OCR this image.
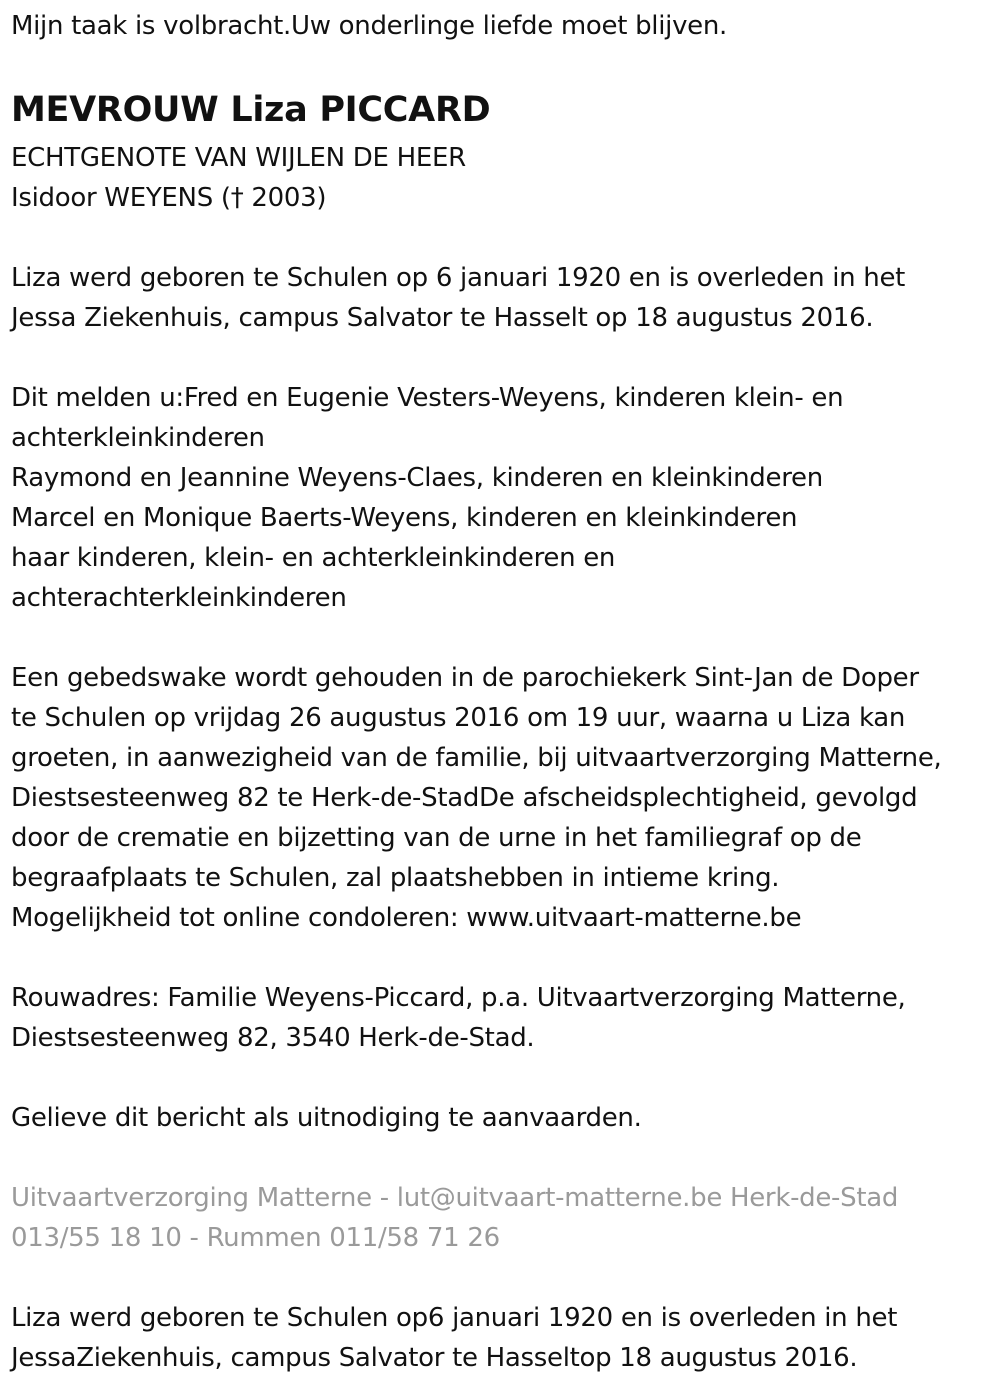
Mijn taak is volbracht.Uw onderlinge liefde moet blijven.
MEVROUW Liza PICCARD
ECHTGENOTE VAN WIJLEN DE HEER
Isidoor WEYENS († 2003)
Liza werd geboren te Schulen op 6 januari 1920 en is overleden in het
Jessa Ziekenhuis, campus Salvator te Hasselt op 18 augustus 2016.
Dit melden u:Fred en Eugenie Vesters-Weyens, kinderen klein- en
achterkleinkinderen
Raymond en Jeannine Weyens-Claes, kinderen en kleinkinderen
Marcel en Monique Baerts-Weyens, kinderen en kleinkinderen
haar kinderen, klein- en achterkleinkinderen en
achterachterkleinkinderen
Een gebedswake wordt gehouden in de parochiekerk Sint-Jan de Doper
te Schulen op vrijdag 26 augustus 2016 om 19 uur, waarna u Liza kan
groeten, in aanwezigheid van de familie, bij uitvaartverzorging Matterne,
Diestsesteenweg 82 te Herk-de-StadDe afscheidsplechtigheid, gevolgd
door de crematie en bijzetting van de urne in het familiegraf op de
begraafplaats te Schulen, zal plaatshebben in intieme kring.
Mogelijkheid tot online condoleren: www.uitvaart-matterne.be
Rouwadres: Familie Weyens-Piccard, p.a. Uitvaartverzorging Matterne,
Diestsesteenweg 82, 3540 Herk-de-Stad.
Gelieve dit bericht als uitnodiging te aanvaarden.
Uitvaartverzorging Matterne - lut@uitvaart-matterne.be Herk-de-Stad
013/55 18 10 - Rummen 011/58 71 26
Liza werd geboren te Schulen op6 januari 1920 en is overleden in het
JessaZiekenhuis, campus Salvator te Hasseltop 18 augustus 2016.
